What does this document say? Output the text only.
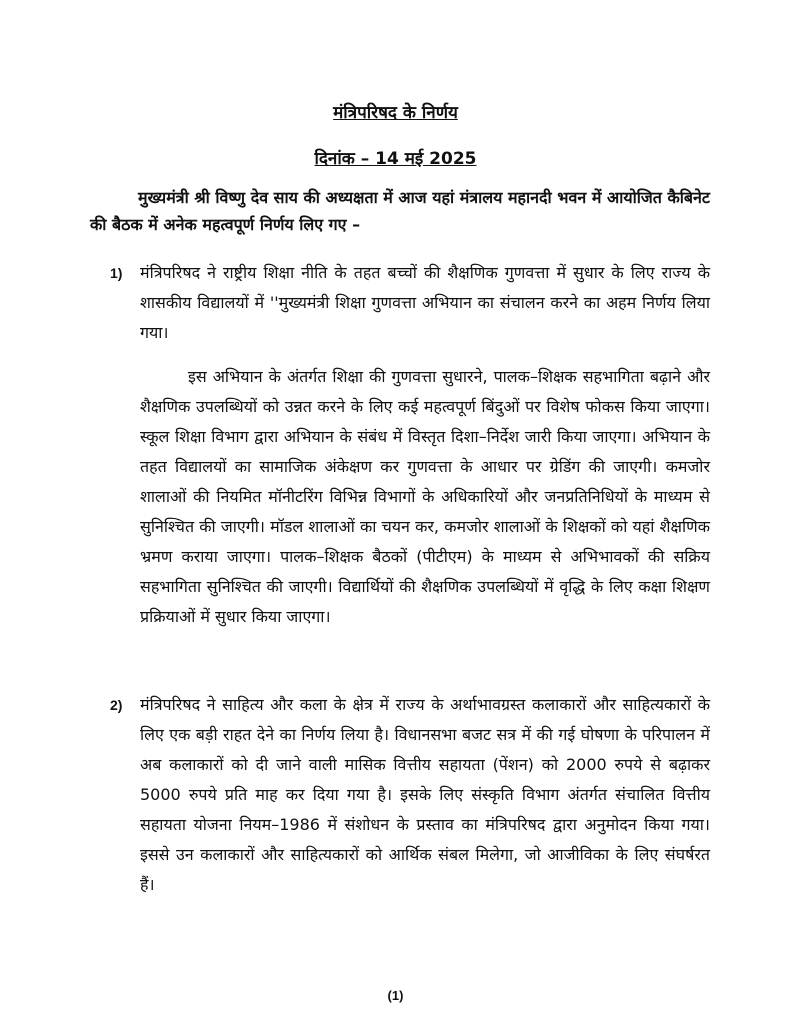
मंत्रिपरिषद के निर्णय
दिनांक – 14 मई 2025

मुख्यमंत्री श्री विष्णु देव साय की अध्यक्षता में आज यहां मंत्रालय महानदी भवन में आयोजित कैबिनेट की बैठक में अनेक महत्वपूर्ण निर्णय लिए गए –

1)	मंत्रिपरिषद ने राष्ट्रीय शिक्षा नीति के तहत बच्चों की शैक्षणिक गुणवत्ता में सुधार के लिए राज्य के शासकीय विद्यालयों में ''मुख्यमंत्री शिक्षा गुणवत्ता अभियान का संचालन करने का अहम निर्णय लिया गया।

इस अभियान के अंतर्गत शिक्षा की गुणवत्ता सुधारने, पालक–शिक्षक सहभागिता बढ़ाने और शैक्षणिक उपलब्धियों को उन्नत करने के लिए कई महत्वपूर्ण बिंदुओं पर विशेष फोकस किया जाएगा। स्कूल शिक्षा विभाग द्वारा अभियान के संबंध में विस्तृत दिशा–निर्देश जारी किया जाएगा। अभियान के तहत विद्यालयों का सामाजिक अंकेक्षण कर गुणवत्ता के आधार पर ग्रेडिंग की जाएगी। कमजोर शालाओं की नियमित मॉनीटरिंग विभिन्न विभागों के अधिकारियों और जनप्रतिनिधियों के माध्यम से सुनिश्चित की जाएगी। मॉडल शालाओं का चयन कर, कमजोर शालाओं के शिक्षकों को यहां शैक्षणिक भ्रमण कराया जाएगा। पालक–शिक्षक बैठकों (पीटीएम) के माध्यम से अभिभावकों की सक्रिय सहभागिता सुनिश्चित की जाएगी। विद्यार्थियों की शैक्षणिक उपलब्धियों में वृद्धि के लिए कक्षा शिक्षण प्रक्रियाओं में सुधार किया जाएगा।

2)	मंत्रिपरिषद ने साहित्य और कला के क्षेत्र में राज्य के अर्थाभावग्रस्त कलाकारों और साहित्यकारों के लिए एक बड़ी राहत देने का निर्णय लिया है। विधानसभा बजट सत्र में की गई घोषणा के परिपालन में अब कलाकारों को दी जाने वाली मासिक वित्तीय सहायता (पेंशन) को 2000 रुपये से बढ़ाकर 5000 रुपये प्रति माह कर दिया गया है। इसके लिए संस्कृति विभाग अंतर्गत संचालित वित्तीय सहायता योजना नियम–1986 में संशोधन के प्रस्ताव का मंत्रिपरिषद द्वारा अनुमोदन किया गया। इससे उन कलाकारों और साहित्यकारों को आर्थिक संबल मिलेगा, जो आजीविका के लिए संघर्षरत हैं।

(1)
